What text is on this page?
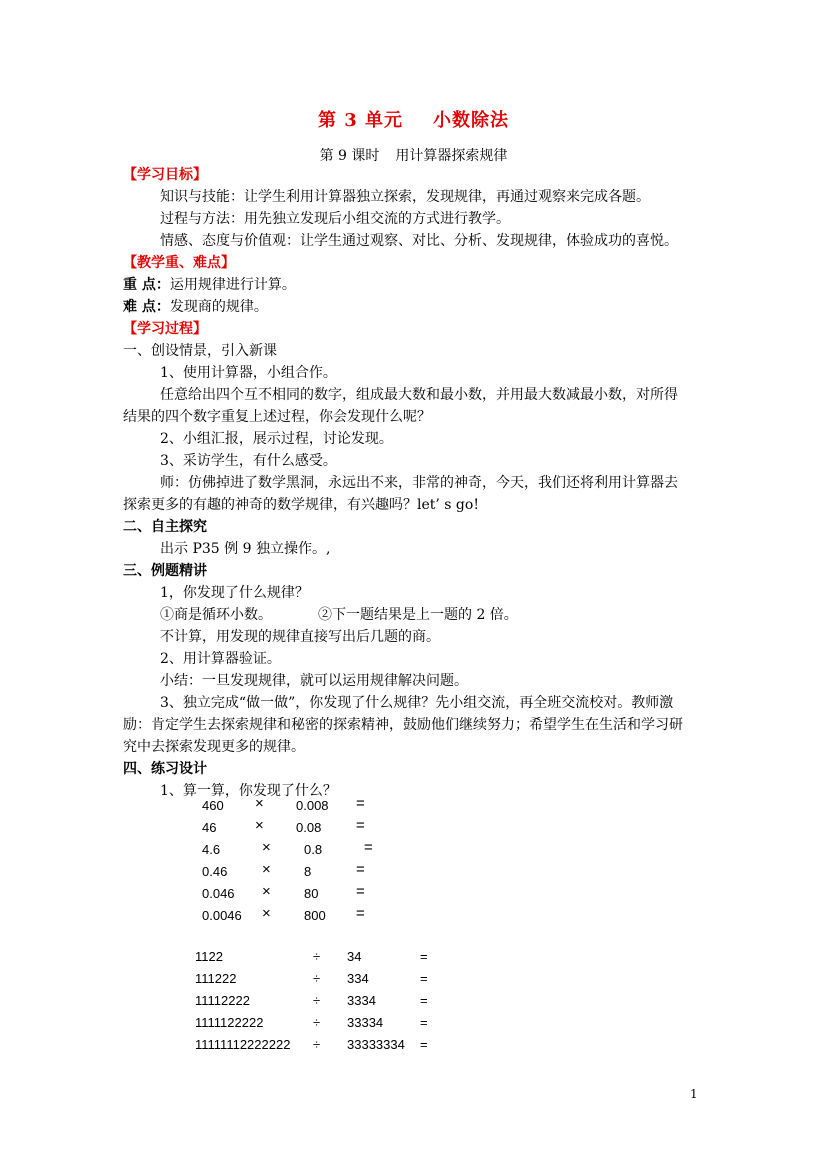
第 3 单元 小数除法
第 9 课时 用计算器探索规律
【学习目标】
知识与技能：让学生利用计算器独立探索，发现规律，再通过观察来完成各题。
过程与方法：用先独立发现后小组交流的方式进行教学。
情感、态度与价值观：让学生通过观察、对比、分析、发现规律，体验成功的喜悦。
【教学重、难点】
重 点：运用规律进行计算。
难 点：发现商的规律。
【学习过程】
一、创设情景，引入新课
1、使用计算器，小组合作。
任意给出四个互不相同的数字，组成最大数和最小数，并用最大数减最小数，对所得
结果的四个数字重复上述过程，你会发现什么呢？
2、小组汇报，展示过程，讨论发现。
3、采访学生，有什么感受。
师：仿佛掉进了数学黑洞，永远出不来，非常的神奇，今天，我们还将利用计算器去
探索更多的有趣的神奇的数学规律，有兴趣吗？let’ s go!
二、自主探究
出示 P35 例 9 独立操作。,
三、例题精讲
1，你发现了什么规律？
①商是循环小数。	②下一题结果是上一题的 2 倍。
不计算，用发现的规律直接写出后几题的商。
2、用计算器验证。
小结：一旦发现规律，就可以运用规律解决问题。
3、独立完成“做一做”，你发现了什么规律？先小组交流，再全班交流校对。教师激
励：肯定学生去探索规律和秘密的探索精神，鼓励他们继续努力；希望学生在生活和学习研
究中去探索发现更多的规律。
四、练习设计
1、算一算，你发现了什么？
460 × 0.008 =
46	× 0.08 =
4.6	×	0.8	=
0.46 ×	8	=
0.046 ×	80	=
0.0046 ×	800 =
1122	÷ 34	=
111222	÷ 334	=
11112222	÷ 3334	=
1111122222	÷ 33334	=
11111112222222 ÷ 33333334 =
1
